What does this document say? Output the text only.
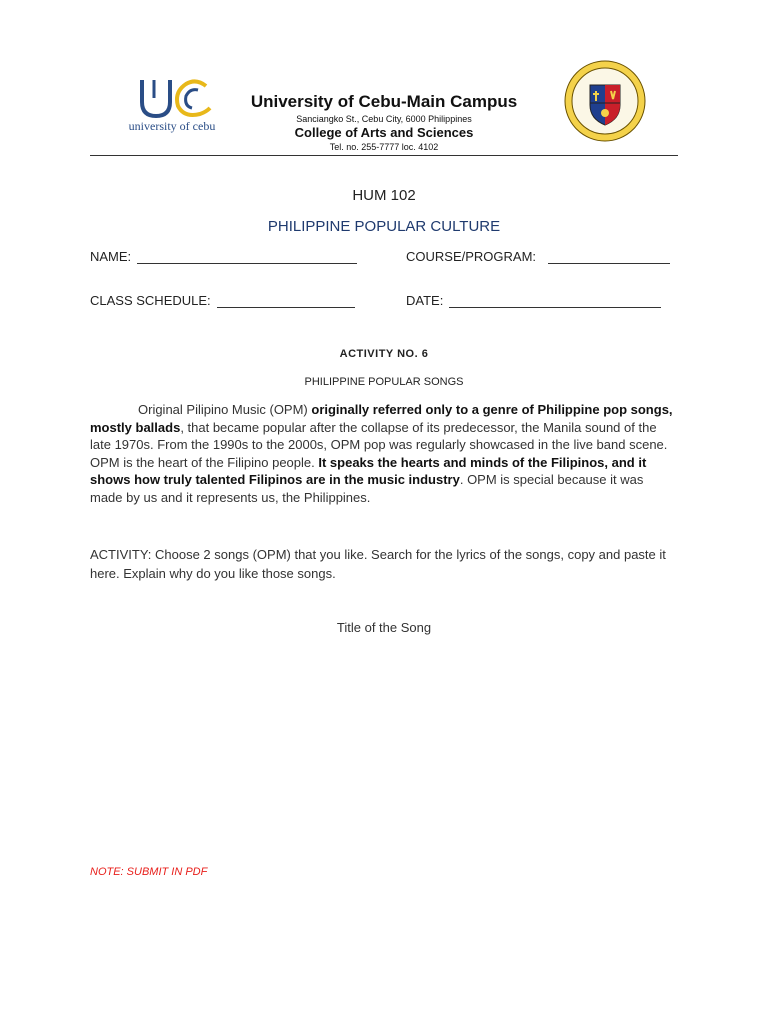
university of cebu
University of Cebu-Main Campus
Sanciangko St., Cebu City, 6000 Philippines
College of Arts and Sciences
Tel. no. 255-7777 loc. 4102
HUM 102
PHILIPPINE POPULAR CULTURE
NAME:	COURSE/PROGRAM:
CLASS SCHEDULE:	DATE:
ACTIVITY NO. 6
PHILIPPINE POPULAR SONGS
Original Pilipino Music (OPM) originally referred only to a genre of Philippine pop songs, mostly ballads, that became popular after the collapse of its predecessor, the Manila sound of the late 1970s. From the 1990s to the 2000s, OPM pop was regularly showcased in the live band scene. OPM is the heart of the Filipino people. It speaks the hearts and minds of the Filipinos, and it shows how truly talented Filipinos are in the music industry. OPM is special because it was made by us and it represents us, the Philippines.
ACTIVITY: Choose 2 songs (OPM) that you like. Search for the lyrics of the songs, copy and paste it here. Explain why do you like those songs.
Title of the Song
NOTE: SUBMIT IN PDF
